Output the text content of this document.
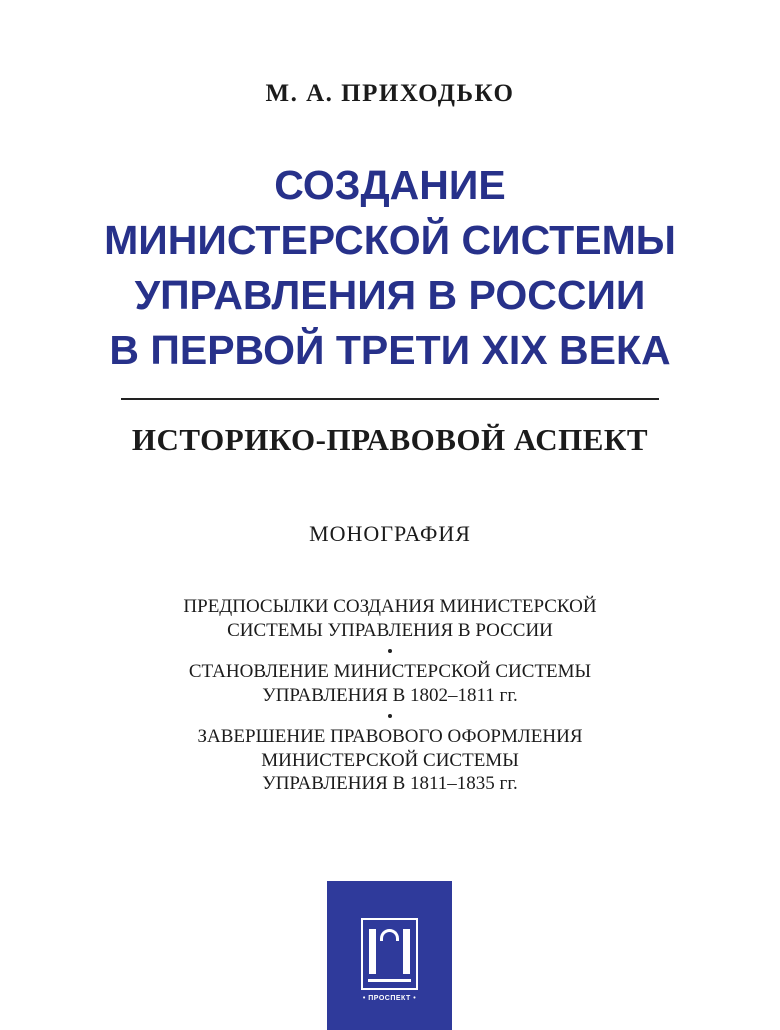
М. А. ПРИХОДЬКО
СОЗДАНИЕ
МИНИСТЕРСКОЙ СИСТЕМЫ
УПРАВЛЕНИЯ В РОССИИ
В ПЕРВОЙ ТРЕТИ XIX ВЕКА
ИСТОРИКО-ПРАВОВОЙ АСПЕКТ
МОНОГРАФИЯ
ПРЕДПОСЫЛКИ СОЗДАНИЯ МИНИСТЕРСКОЙ
СИСТЕМЫ УПРАВЛЕНИЯ В РОССИИ
СТАНОВЛЕНИЕ МИНИСТЕРСКОЙ СИСТЕМЫ
УПРАВЛЕНИЯ В 1802–1811 гг.
ЗАВЕРШЕНИЕ ПРАВОВОГО ОФОРМЛЕНИЯ
МИНИСТЕРСКОЙ СИСТЕМЫ
УПРАВЛЕНИЯ В 1811–1835 гг.
• ПРОСПЕКТ •
